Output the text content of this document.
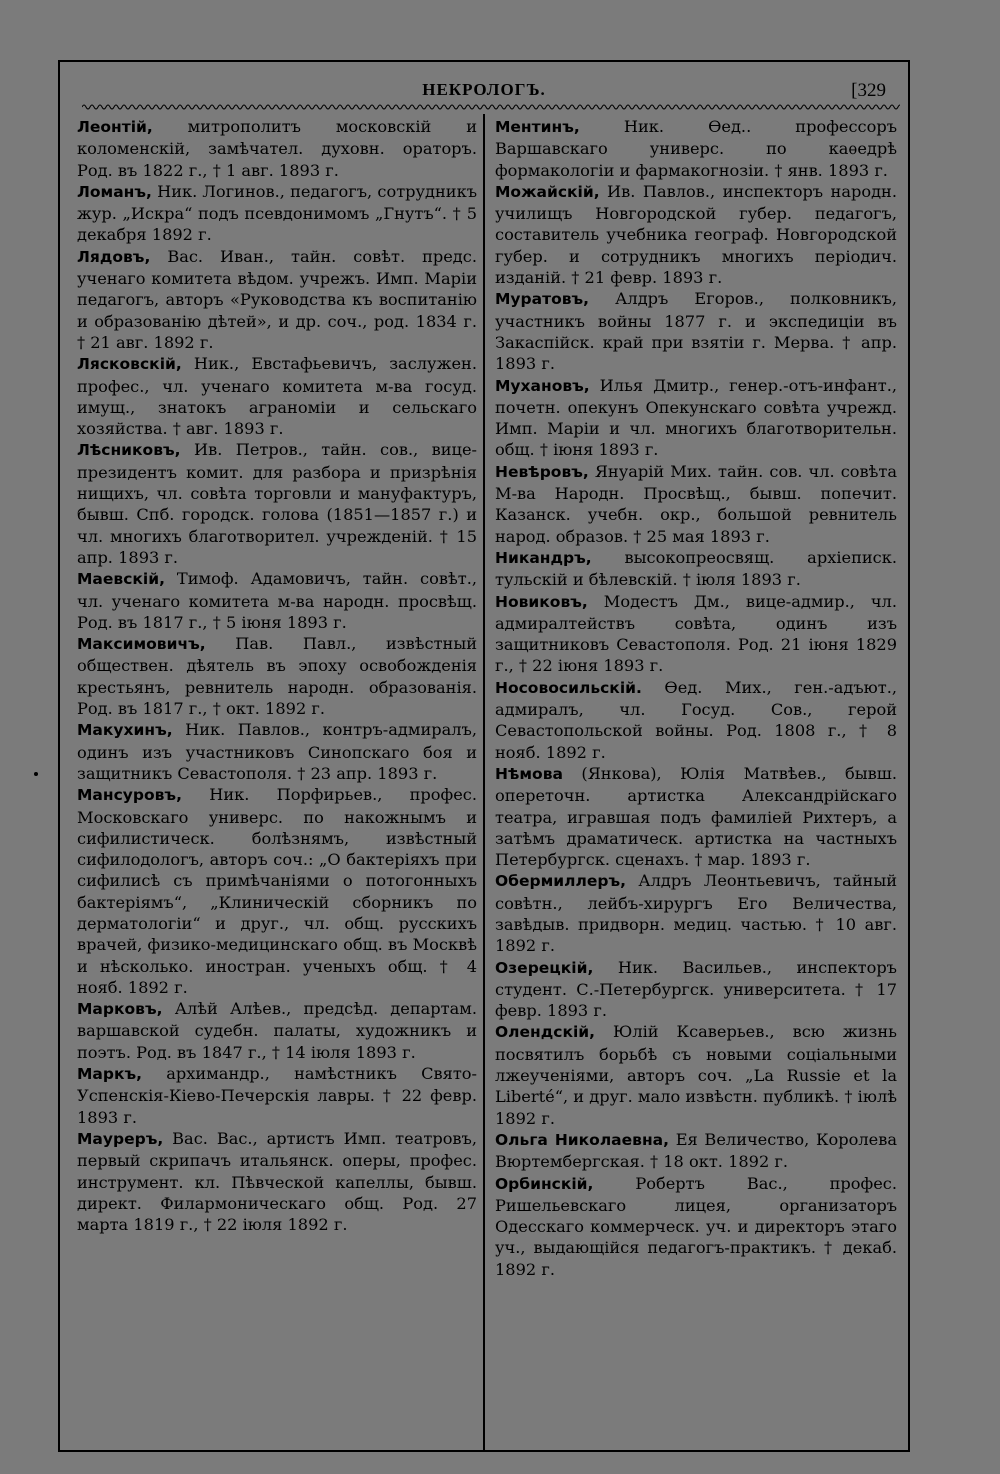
НЕКРОЛОГЪ.	[329

Леонтій, митрополитъ московскій и коломенскій, замѣчател. духовн. ораторъ. Род. въ 1822 г., † 1 авг. 1893 г.

Ломанъ, Ник. Логинов., педагогъ, сотрудникъ жур. „Искра“ подъ псевдонимомъ „Гнутъ“. † 5 декабря 1892 г.

Лядовъ, Вас. Иван., тайн. совѣт. предс. ученаго комитета вѣдом. учрежъ. Имп. Маріи педагогъ, авторъ «Руководства къ воспитанію и образованію дѣтей», и др. соч., род. 1834 г. † 21 авг. 1892 г.

Лясковскій, Ник., Евстафьевичъ, заслужен. профес., чл. ученаго комитета м-ва госуд. имущ., знатокъ аграноміи и сельскаго хозяйства. † авг. 1893 г.

Лѣсниковъ, Ив. Петров., тайн. сов., вице-президентъ комит. для разбора и призрѣнія нищихъ, чл. совѣта торговли и мануфактуръ, бывш. Спб. городск. голова (1851—1857 г.) и чл. многихъ благотворител. учрежденій. † 15 апр. 1893 г.

Маевскій, Тимоф. Адамовичъ, тайн. совѣт., чл. ученаго комитета м-ва народн. просвѣщ. Род. въ 1817 г., † 5 іюня 1893 г.

Максимовичъ, Пав. Павл., извѣстный обществен. дѣятель въ эпоху освобожденія крестьянъ, ревнитель народн. образованія. Род. въ 1817 г., † окт. 1892 г.

Макухинъ, Ник. Павлов., контръ-адмиралъ, одинъ изъ участниковъ Синопскаго боя и защитникъ Севастополя. † 23 апр. 1893 г.

Мансуровъ, Ник. Порфирьев., профес. Московскаго универс. по накожнымъ и сифилистическ. болѣзнямъ, извѣстный сифилодологъ, авторъ соч.: „О бактеріяхъ при сифилисѣ съ примѣчаніями о потогонныхъ бактеріямъ“, „Клиническій сборникъ по дерматологіи“ и друг., чл. общ. русскихъ врачей, физико-медицинскаго общ. въ Москвѣ и нѣсколько. иностран. ученыхъ общ. † 4 нояб. 1892 г.

Марковъ, Алѣй Алѣев., предсѣд. департам. варшавской судебн. палаты, художникъ и поэтъ. Род. въ 1847 г., † 14 іюля 1893 г.

Маркъ, архимандр., намѣстникъ Свято-Успенскія-Кіево-Печерскія лавры. † 22 февр. 1893 г.

Мауреръ, Вас. Вас., артистъ Имп. театровъ, первый скрипачъ итальянск. оперы, профес. инструмент. кл. Пѣвческой капеллы, бывш. директ. Филармоническаго общ. Род. 27 марта 1819 г., † 22 іюля 1892 г.

Ментинъ, Ник. Ѳед.. профессоръ Варшавскаго универс. по каѳедрѣ формакологіи и фармакогнозіи. † янв. 1893 г.

Можайскій, Ив. Павлов., инспекторъ народн. училищъ Новгородской губер. педагогъ, составитель учебника географ. Новгородской губер. и сотрудникъ многихъ періодич. изданій. † 21 февр. 1893 г.

Муратовъ, Алдръ Егоров., полковникъ, участникъ войны 1877 г. и экспедиціи въ Закаспійск. край при взятіи г. Мерва. † апр. 1893 г.

Мухановъ, Илья Дмитр., генер.-отъ-инфант., почетн. опекунъ Опекунскаго совѣта учрежд. Имп. Маріи и чл. многихъ благотворительн. общ. † іюня 1893 г.

Невѣровъ, Януарій Мих. тайн. сов. чл. совѣта М-ва Народн. Просвѣщ., бывш. попечит. Казанск. учебн. окр., большой ревнитель народ. образов. † 25 мая 1893 г.

Никандръ, высокопреосвящ. архіеписк. тульскій и бѣлевскій. † іюля 1893 г.

Новиковъ, Модестъ Дм., вице-адмир., чл. адмиралтействъ совѣта, одинъ изъ защитниковъ Севастополя. Род. 21 іюня 1829 г., † 22 іюня 1893 г.

Носовосильскій. Ѳед. Мих., ген.-адъют., адмиралъ, чл. Госуд. Сов., герой Севастопольской войны. Род. 1808 г., † 8 нояб. 1892 г.

Нѣмова (Янкова), Юлія Матвѣев., бывш. опереточн. артистка Александрійскаго театра, игравшая подъ фамиліей Рихтеръ, а затѣмъ драматическ. артистка на частныхъ Петербургск. сценахъ. † мар. 1893 г.

Обермиллеръ, Алдръ Леонтьевичъ, тайный совѣтн., лейбъ-хирургъ Его Величества, завѣдыв. придворн. медиц. частью. † 10 авг. 1892 г.

Озерецкій, Ник. Васильев., инспекторъ студент. С.-Петербургск. университета. † 17 февр. 1893 г.

Олендскій, Юлій Ксаверьев., всю жизнь посвятилъ борьбѣ съ новыми соціальными лжеученіями, авторъ соч. „La Russie et la Liberté“, и друг. мало извѣстн. публикѣ. † іюлѣ 1892 г.

Ольга Николаевна, Ея Величество, Королева Вюртембергская. † 18 окт. 1892 г.

Орбинскій, Робертъ Вас., профес. Ришельевскаго лицея, организаторъ Одесскаго коммерческ. уч. и директоръ этаго уч., выдающійся педагогъ-практикъ. † декаб. 1892 г.
